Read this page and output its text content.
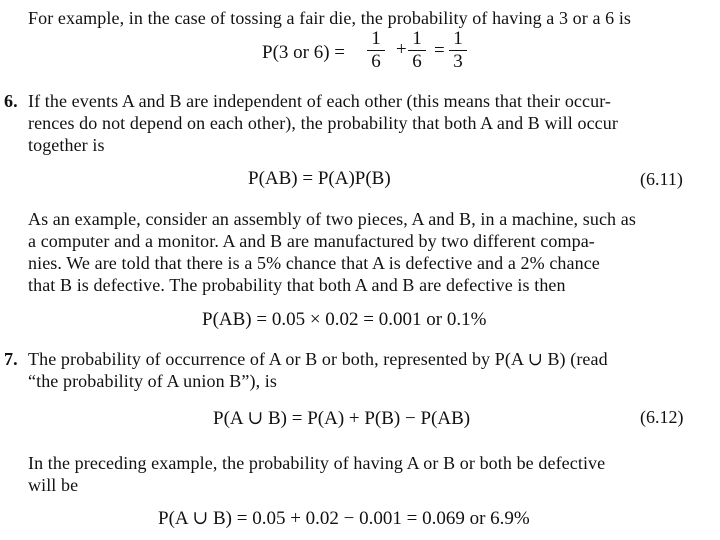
For example, in the case of tossing a fair die, the probability of having a 3 or a 6 is
P(3 or 6) =
1
6
+
1
6
=
1
3
6. If the events A and B are independent of each other (this means that their occur-
rences do not depend on each other), the probability that both A and B will occur
together is
P(AB) = P(A)P(B)	(6.11)
As an example, consider an assembly of two pieces, A and B, in a machine, such as
a computer and a monitor. A and B are manufactured by two different compa-
nies. We are told that there is a 5% chance that A is defective and a 2% chance
that B is defective. The probability that both A and B are defective is then
P(AB) = 0.05 × 0.02 = 0.001 or 0.1%
7. The probability of occurrence of A or B or both, represented by P(A ∪ B) (read
“the probability of A union B”), is
P(A ∪ B) = P(A) + P(B) − P(AB)	(6.12)
In the preceding example, the probability of having A or B or both be defective
will be
P(A ∪ B) = 0.05 + 0.02 − 0.001 = 0.069 or 6.9%
